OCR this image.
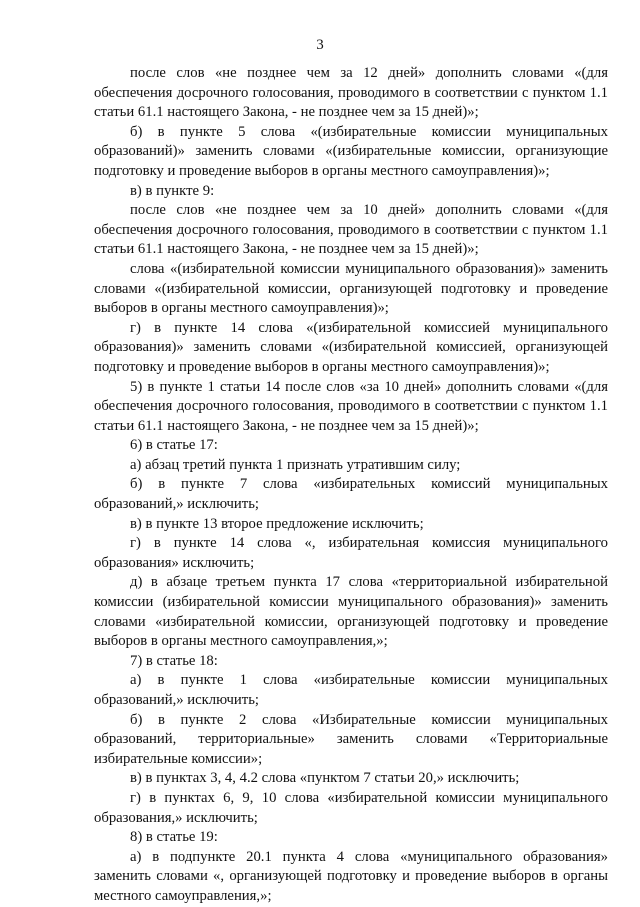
3

после слов «не позднее чем за 12 дней» дополнить словами «(для обеспечения досрочного голосования, проводимого в соответствии с пунктом 1.1 статьи 61.1 настоящего Закона, - не позднее чем за 15 дней)»;

б) в пункте 5 слова «(избирательные комиссии муниципальных образований)» заменить словами «(избирательные комиссии, организующие подготовку и проведение выборов в органы местного самоуправления)»;

в) в пункте 9:

после слов «не позднее чем за 10 дней» дополнить словами «(для обеспечения досрочного голосования, проводимого в соответствии с пунктом 1.1 статьи 61.1 настоящего Закона, - не позднее чем за 15 дней)»;

слова «(избирательной комиссии муниципального образования)» заменить словами «(избирательной комиссии, организующей подготовку и проведение выборов в органы местного самоуправления)»;

г) в пункте 14 слова «(избирательной комиссией муниципального образования)» заменить словами «(избирательной комиссией, организующей подготовку и проведение выборов в органы местного самоуправления)»;

5) в пункте 1 статьи 14 после слов «за 10 дней» дополнить словами «(для обеспечения досрочного голосования, проводимого в соответствии с пунктом 1.1 статьи 61.1 настоящего Закона, - не позднее чем за 15 дней)»;

6) в статье 17:

а) абзац третий пункта 1 признать утратившим силу;

б) в пункте 7 слова «избирательных комиссий муниципальных образований,» исключить;

в) в пункте 13 второе предложение исключить;

г) в пункте 14 слова «, избирательная комиссия муниципального образования» исключить;

д) в абзаце третьем пункта 17 слова «территориальной избирательной комиссии (избирательной комиссии муниципального образования)» заменить словами «избирательной комиссии, организующей подготовку и проведение выборов в органы местного самоуправления,»;

7) в статье 18:

а) в пункте 1 слова «избирательные комиссии муниципальных образований,» исключить;

б) в пункте 2 слова «Избирательные комиссии муниципальных образований, территориальные» заменить словами «Территориальные избирательные комиссии»;

в) в пунктах 3, 4, 4.2 слова «пунктом 7 статьи 20,» исключить;

г) в пунктах 6, 9, 10 слова «избирательной комиссии муниципального образования,» исключить;

8) в статье 19:

а) в подпункте 20.1 пункта 4 слова «муниципального образования» заменить словами «, организующей подготовку и проведение выборов в органы местного самоуправления,»;
